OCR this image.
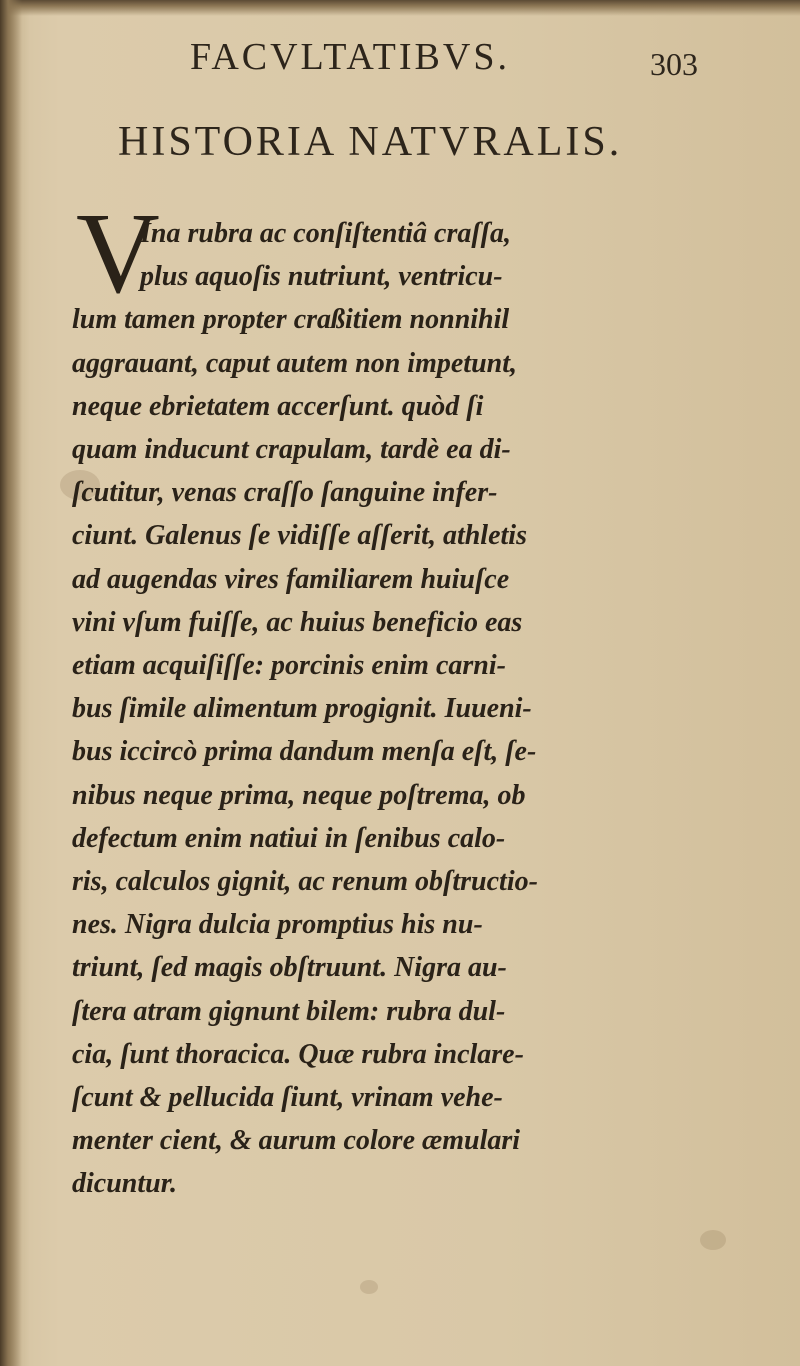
FACVLTATIBVS.	303
HISTORIA NATVRALIS.
V
Ina rubra ac conſiſtentiâ craſſa,
plus aquoſis nutriunt, ventricu-
lum tamen propter craßitiem nonnihil
aggrauant, caput autem non impetunt,
neque ebrietatem accerſunt. quòd ſi
quam inducunt crapulam, tardè ea di-
ſcutitur, venas craſſo ſanguine infer-
ciunt. Galenus ſe vidiſſe aſſerit, athletis
ad augendas vires familiarem huiuſce
vini vſum fuiſſe, ac huius beneficio eas
etiam acquiſiſſe: porcinis enim carni-
bus ſimile alimentum progignit. Iuueni-
bus iccircò prima dandum menſa eſt, ſe-
nibus neque prima, neque poſtrema, ob
defectum enim natiui in ſenibus calo-
ris, calculos gignit, ac renum obſtructio-
nes. Nigra dulcia promptius his nu-
triunt, ſed magis obſtruunt. Nigra au-
ſtera atram gignunt bilem: rubra dul-
cia, ſunt thoracica. Quæ rubra inclare-
ſcunt & pellucida ſiunt, vrinam vehe-
menter cient, & aurum colore æmulari
dicuntur.
